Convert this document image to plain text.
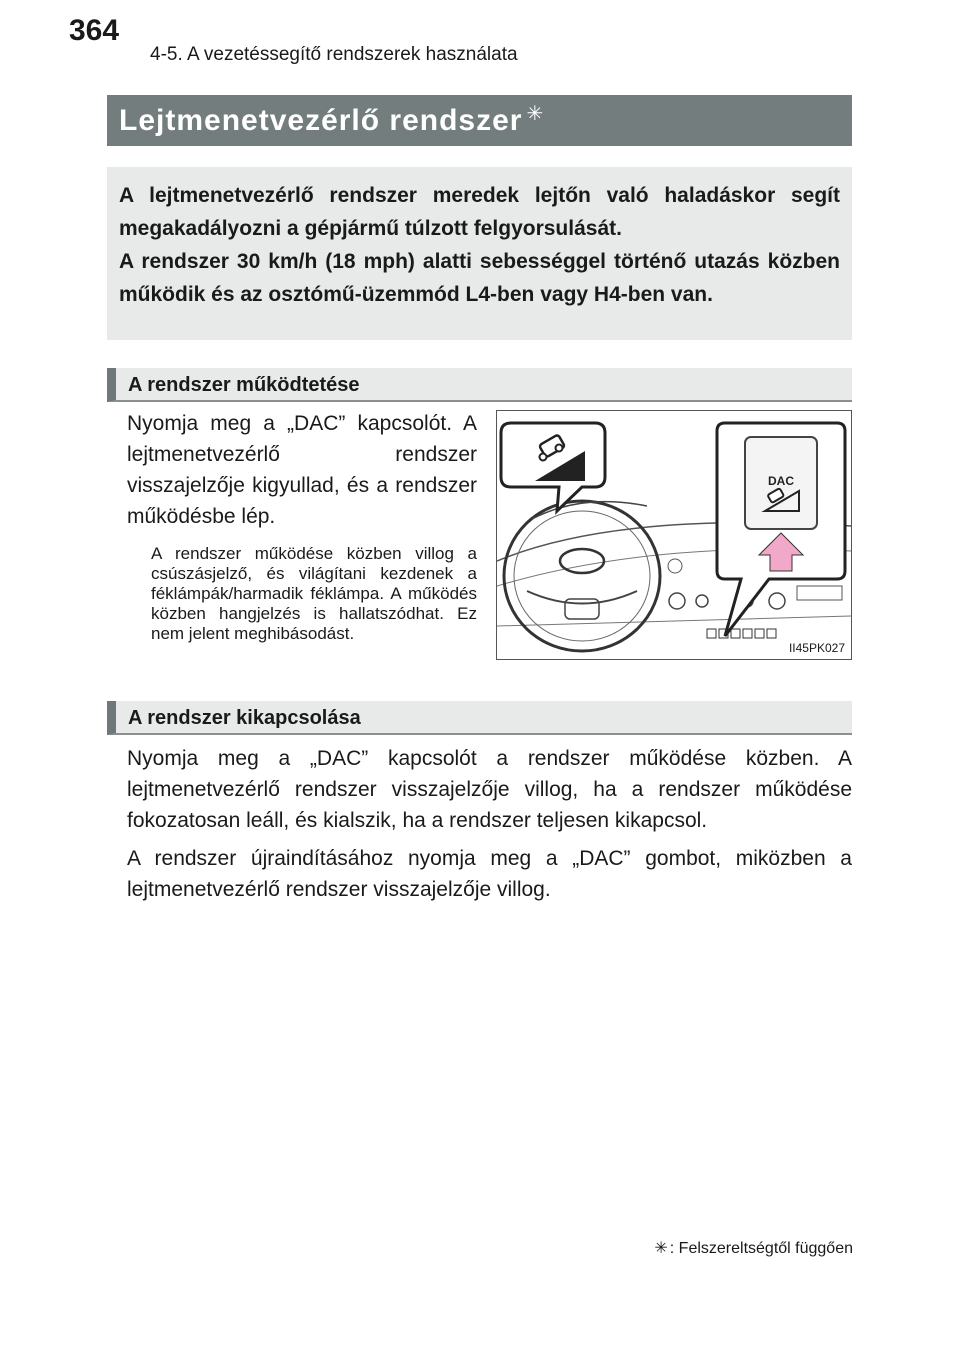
364
4-5. A vezetéssegítő rendszerek használata
Lejtmenetvezérlő rendszer ✳

A lejtmenetvezérlő rendszer meredek lejtőn való haladáskor segít megakadályozni a gépjármű túlzott felgyorsulását.

A rendszer 30 km/h (18 mph) alatti sebességgel történő utazás közben működik és az osztómű-üzemmód L4-ben vagy H4-ben van.

A rendszer működtetése

Nyomja meg a „DAC” kapcsolót. A lejtmenetvezérlő rendszer visszajelzője kigyullad, és a rendszer működésbe lép.

A rendszer működése közben villog a csúszásjelző, és világítani kezdenek a féklámpák/harmadik féklámpa. A működés közben hangjelzés is hallatszódhat. Ez nem jelent meghibásodást.

DAC
II45PK027
A rendszer kikapcsolása

Nyomja meg a „DAC” kapcsolót a rendszer működése közben. A lejtmenetvezérlő rendszer visszajelzője villog, ha a rendszer működése fokozatosan leáll, és kialszik, ha a rendszer teljesen kikapcsol.

A rendszer újraindításához nyomja meg a „DAC” gombot, miközben a lejtmenetvezérlő rendszer visszajelzője villog.

✳ : Felszereltségtől függően
